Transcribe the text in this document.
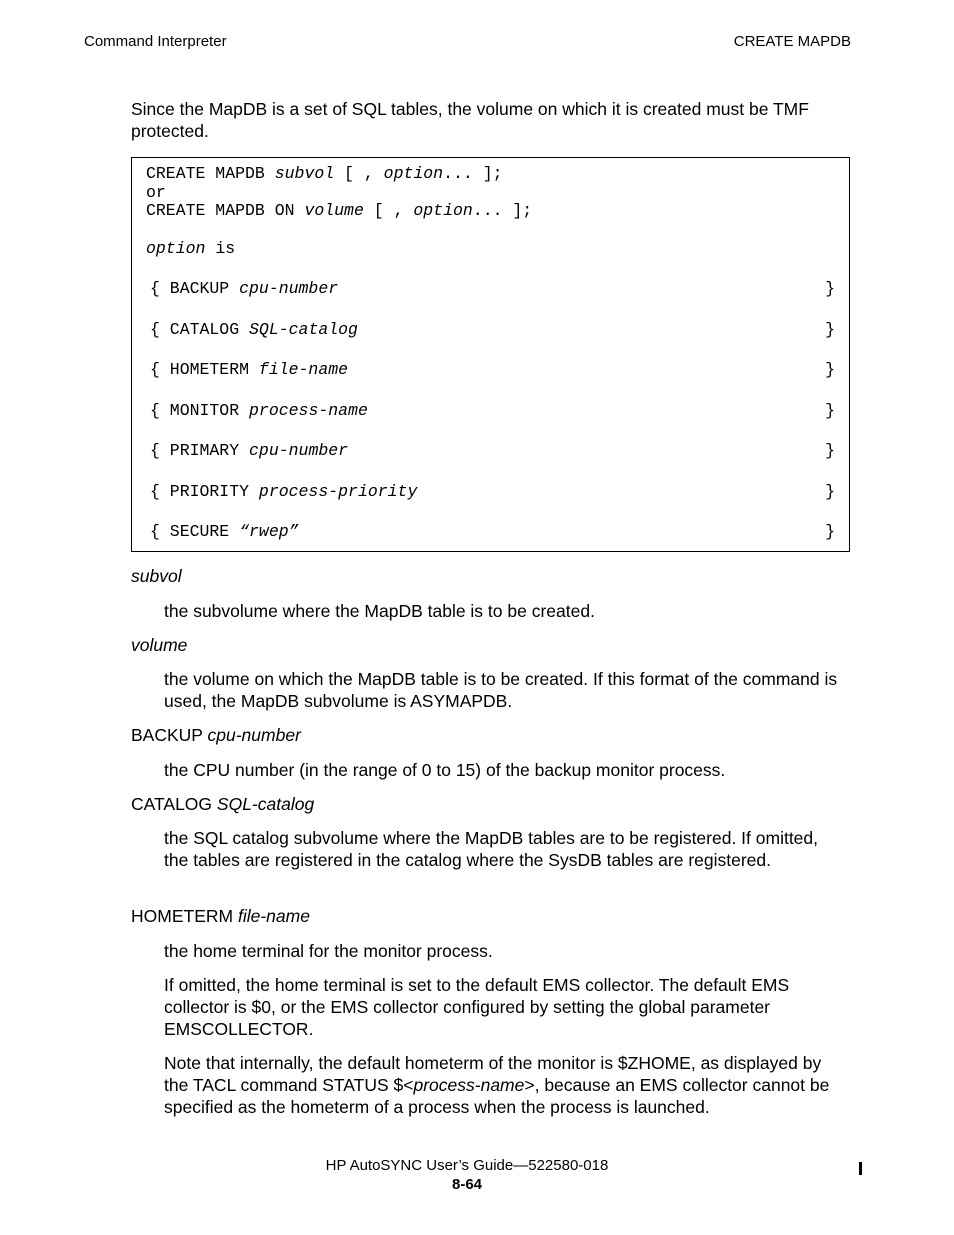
Command Interpreter	CREATE MAPDB

Since the MapDB is a set of SQL tables, the volume on which it is created must be TMF protected.

CREATE MAPDB subvol [ , option... ];
or
CREATE MAPDB ON volume [ , option... ];
option is
{ BACKUP cpu-number	}
{ CATALOG SQL-catalog	}
{ HOMETERM file-name	}
{ MONITOR process-name	}
{ PRIMARY cpu-number	}
{ PRIORITY process-priority	}
{ SECURE “rwep”	}
subvol

the subvolume where the MapDB table is to be created.

volume

the volume on which the MapDB table is to be created. If this format of the command is used, the MapDB subvolume is ASYMAPDB.

BACKUP cpu-number

the CPU number (in the range of 0 to 15) of the backup monitor process.

CATALOG SQL-catalog

the SQL catalog subvolume where the MapDB tables are to be registered. If omitted, the tables are registered in the catalog where the SysDB tables are registered.

HOMETERM file-name

the home terminal for the monitor process.

If omitted, the home terminal is set to the default EMS collector. The default EMS collector is $0, or the EMS collector configured by setting the global parameter EMSCOLLECTOR.

Note that internally, the default hometerm of the monitor is $ZHOME, as displayed by the TACL command STATUS $<process-name>, because an EMS collector cannot be specified as the hometerm of a process when the process is launched.

HP AutoSYNC User’s Guide—522580-018
8-64
